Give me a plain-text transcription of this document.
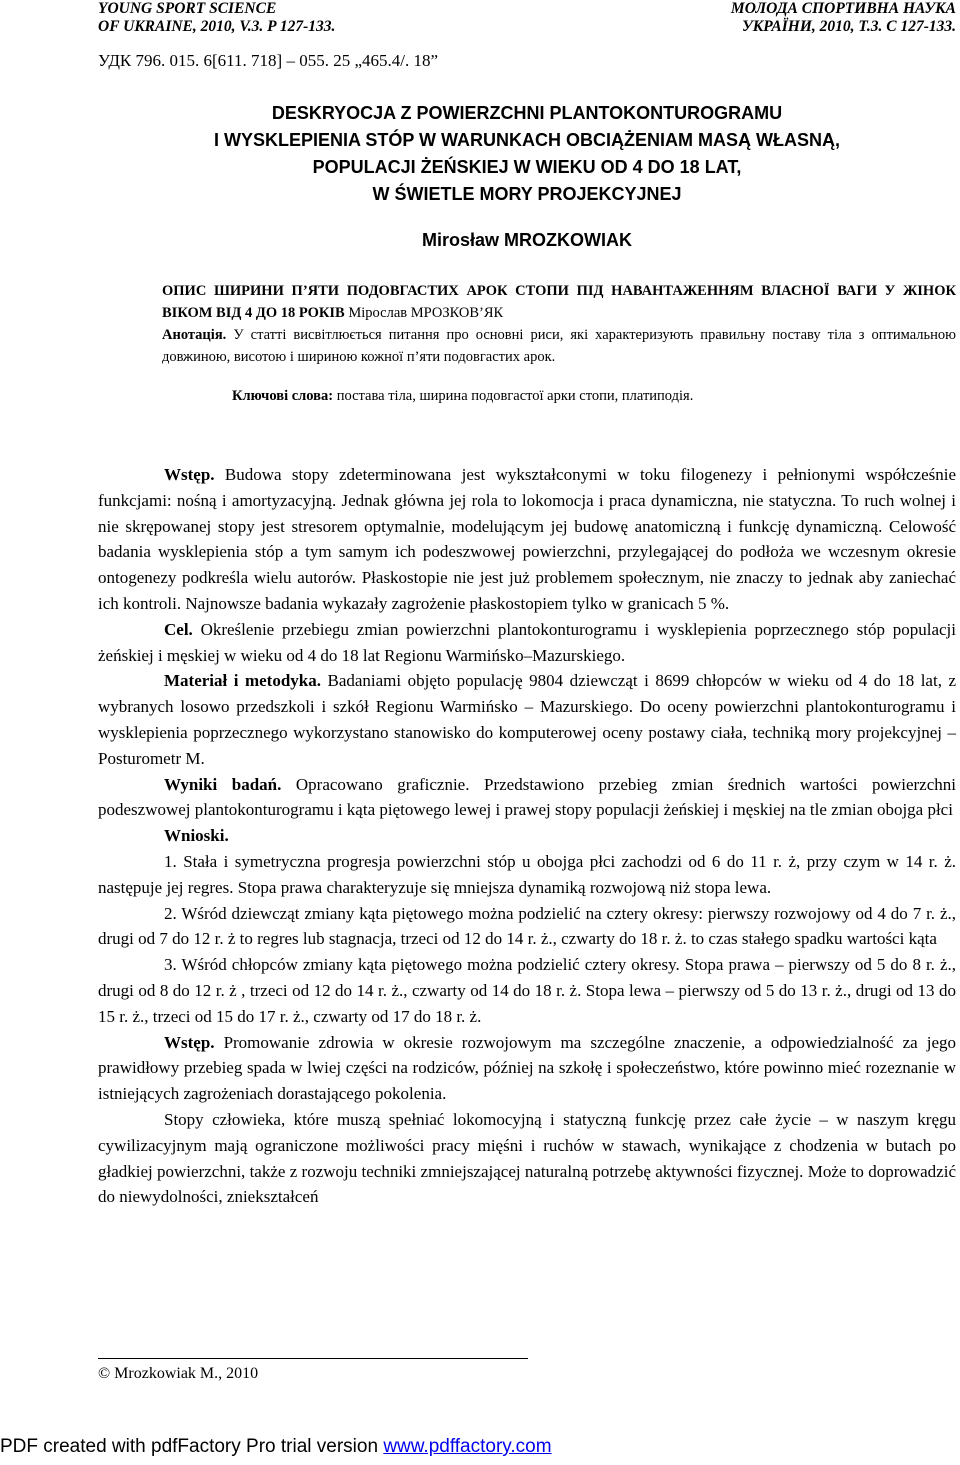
YOUNG SPORT SCIENCE
OF UKRAINE, 2010, V.3. P 127-133.
МОЛОДА СПОРТИВНА НАУКА
УКРАЇНИ, 2010, Т.3. С 127-133.
УДК 796. 015. 6[611. 718] – 055. 25 „465.4/. 18”
DESKRYOCJA Z POWIERZCHNI PLANTOKONTUROGRAMU
I WYSKLEPIENIA STÓP W WARUNKACH OBCIĄŻENIAM MASĄ WŁASNĄ,
POPULACJI ŻEŃSKIEJ W WIEKU OD 4 DO 18 LAT,
W ŚWIETLE MORY PROJEKCYJNEJ
Mirosław MROZKOWIAK

ОПИС ШИРИНИ П’ЯТИ ПОДОВГАСТИХ АРОК СТОПИ ПІД НАВАНТАЖЕННЯМ ВЛАСНОЇ ВАГИ У ЖІНОК ВІКОМ ВІД 4 ДО 18 РОКІВ Мірослав МРОЗКОВ’ЯК

Анотація. У статті висвітлюється питання про основні риси, які характеризують правильну поставу тіла з оптимальною довжиною, висотою і шириною кожної п’яти подовгастих арок.

Ключові слова: постава тіла, ширина подовгастої арки стопи, платиподія.

Wstęp. Budowa stopy zdeterminowana jest wykształconymi w toku filogenezy i pełnionymi współcześnie funkcjami: nośną i amortyzacyjną. Jednak główna jej rola to lokomocja i praca dynamiczna, nie statyczna. To ruch wolnej i nie skrępowanej stopy jest stresorem optymalnie, modelującym jej budowę anatomiczną i funkcję dynamiczną. Celowość badania wysklepienia stóp a tym samym ich podeszwowej powierzchni, przylegającej do podłoża we wczesnym okresie ontogenezy podkreśla wielu autorów. Płaskostopie nie jest już problemem społecznym, nie znaczy to jednak aby zaniechać ich kontroli. Najnowsze badania wykazały zagrożenie płaskostopiem tylko w granicach 5 %.

Cel. Określenie przebiegu zmian powierzchni plantokonturogramu i wysklepienia poprzecznego stóp populacji żeńskiej i męskiej w wieku od 4 do 18 lat Regionu Warmińsko–Mazurskiego.

Materiał i metodyka. Badaniami objęto populację 9804 dziewcząt i 8699 chłopców w wieku od 4 do 18 lat, z wybranych losowo przedszkoli i szkół Regionu Warmińsko – Mazurskiego. Do oceny powierzchni plantokonturogramu i wysklepienia poprzecznego wykorzystano stanowisko do komputerowej oceny postawy ciała, techniką mory projekcyjnej – Posturometr M.

Wyniki badań. Opracowano graficznie. Przedstawiono przebieg zmian średnich wartości powierzchni podeszwowej plantokonturogramu i kąta piętowego lewej i prawej stopy populacji żeńskiej i męskiej na tle zmian obojga płci

Wnioski.

1. Stała i symetryczna progresja powierzchni stóp u obojga płci zachodzi od 6 do 11 r. ż, przy czym w 14 r. ż. następuje jej regres. Stopa prawa charakteryzuje się mniejsza dynamiką rozwojową niż stopa lewa.

2. Wśród dziewcząt zmiany kąta piętowego można podzielić na cztery okresy: pierwszy rozwojowy od 4 do 7 r. ż., drugi od 7 do 12 r. ż to regres lub stagnacja, trzeci od 12 do 14 r. ż., czwarty do 18 r. ż. to czas stałego spadku wartości kąta

3. Wśród chłopców zmiany kąta piętowego można podzielić cztery okresy. Stopa prawa – pierwszy od 5 do 8 r. ż., drugi od 8 do 12 r. ż , trzeci od 12 do 14 r. ż., czwarty od 14 do 18 r. ż. Stopa lewa – pierwszy od 5 do 13 r. ż., drugi od 13 do 15 r. ż., trzeci od 15 do 17 r. ż., czwarty od 17 do 18 r. ż.

Wstęp. Promowanie zdrowia w okresie rozwojowym ma szczególne znaczenie, a odpowiedzialność za jego prawidłowy przebieg spada w lwiej części na rodziców, później na szkołę i społeczeństwo, które powinno mieć rozeznanie w istniejących zagrożeniach dorastającego pokolenia.

Stopy człowieka, które muszą spełniać lokomocyjną i statyczną funkcję przez całe życie – w naszym kręgu cywilizacyjnym mają ograniczone możliwości pracy mięśni i ruchów w stawach, wynikające z chodzenia w butach po gładkiej powierzchni, także z rozwoju techniki zmniejszającej naturalną potrzebę aktywności fizycznej. Może to doprowadzić do niewydolności, zniekształceń

© Mrozkowiak M., 2010
PDF created with pdfFactory Pro trial version www.pdffactory.com
